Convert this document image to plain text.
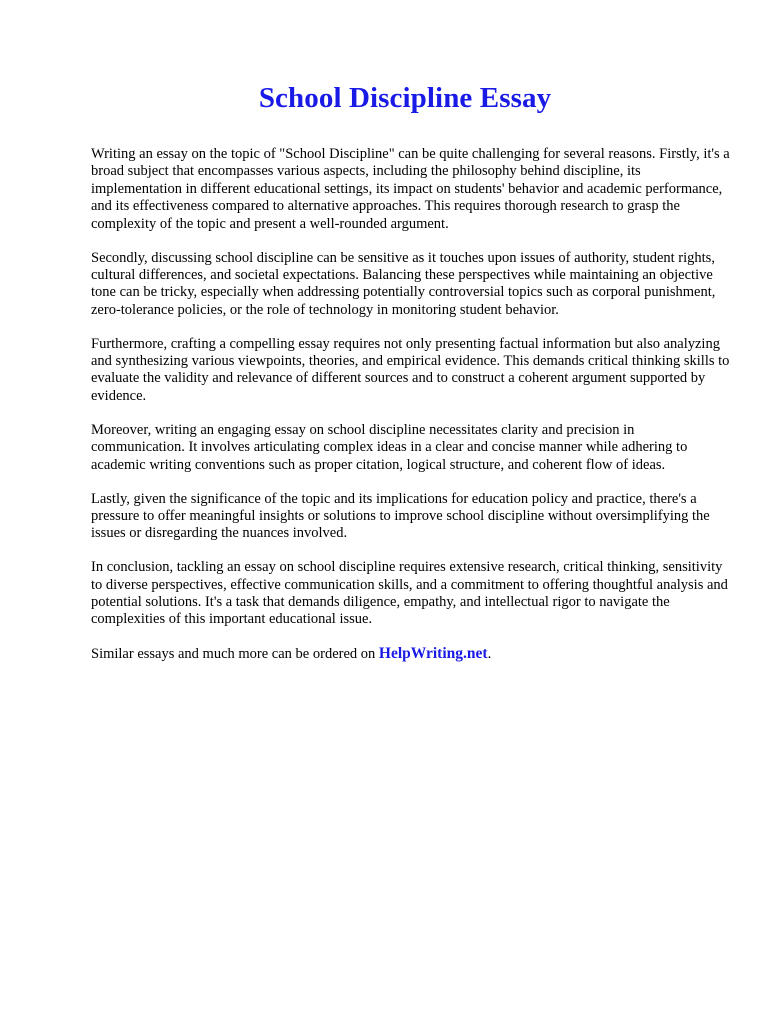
School Discipline Essay

Writing an essay on the topic of "School Discipline" can be quite challenging for several reasons. Firstly, it's a broad subject that encompasses various aspects, including the philosophy behind discipline, its implementation in different educational settings, its impact on students' behavior and academic performance, and its effectiveness compared to alternative approaches. This requires thorough research to grasp the complexity of the topic and present a well-rounded argument.

Secondly, discussing school discipline can be sensitive as it touches upon issues of authority, student rights, cultural differences, and societal expectations. Balancing these perspectives while maintaining an objective tone can be tricky, especially when addressing potentially controversial topics such as corporal punishment, zero-tolerance policies, or the role of technology in monitoring student behavior.

Furthermore, crafting a compelling essay requires not only presenting factual information but also analyzing and synthesizing various viewpoints, theories, and empirical evidence. This demands critical thinking skills to evaluate the validity and relevance of different sources and to construct a coherent argument supported by evidence.

Moreover, writing an engaging essay on school discipline necessitates clarity and precision in communication. It involves articulating complex ideas in a clear and concise manner while adhering to academic writing conventions such as proper citation, logical structure, and coherent flow of ideas.

Lastly, given the significance of the topic and its implications for education policy and practice, there's a pressure to offer meaningful insights or solutions to improve school discipline without oversimplifying the issues or disregarding the nuances involved.

In conclusion, tackling an essay on school discipline requires extensive research, critical thinking, sensitivity to diverse perspectives, effective communication skills, and a commitment to offering thoughtful analysis and potential solutions. It's a task that demands diligence, empathy, and intellectual rigor to navigate the complexities of this important educational issue.

Similar essays and much more can be ordered on HelpWriting.net.
